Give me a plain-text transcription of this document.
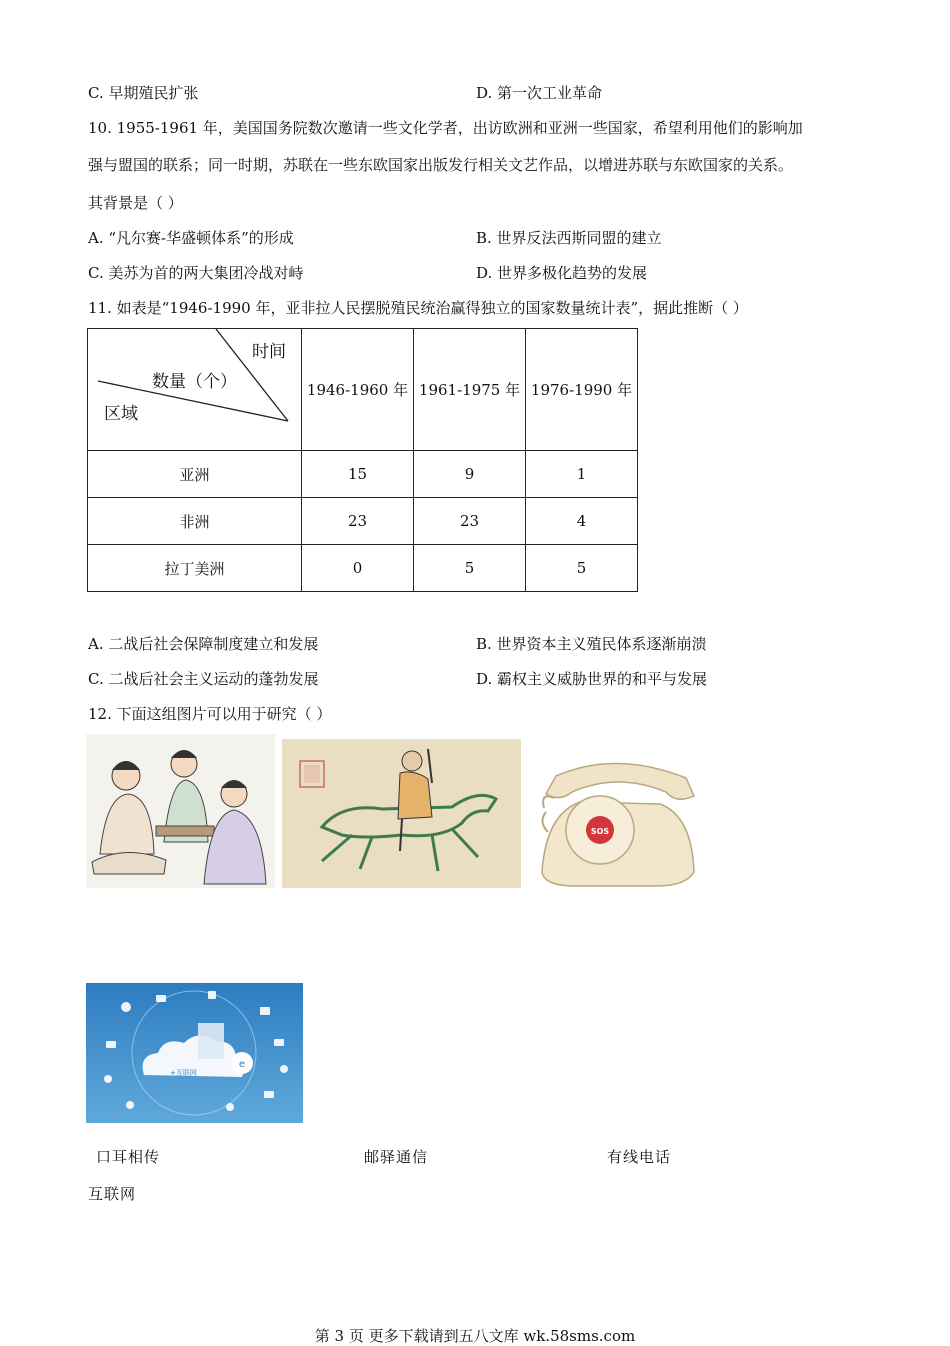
C. 早期殖民扩张	D. 第一次工业革命
10. 1955-1961 年，美国国务院数次邀请一些文化学者，出访欧洲和亚洲一些国家，希望利用他们的影响加
强与盟国的联系；同一时期，苏联在一些东欧国家出版发行相关文艺作品，以增进苏联与东欧国家的关系。
其背景是（ ）
A. “凡尔赛-华盛顿体系”的形成	B. 世界反法西斯同盟的建立
C. 美苏为首的两大集团冷战对峙	D. 世界多极化趋势的发展
11. 如表是“1946-1990 年，亚非拉人民摆脱殖民统治赢得独立的国家数量统计表”，据此推断（ ）
时间
数量（个）
区域	1946-1960 年	1961-1975 年	1976-1990 年
亚洲	15	9	1
非洲	23	23	4
拉丁美洲	0	5	5
A. 二战后社会保障制度建立和发展	B. 世界资本主义殖民体系逐渐崩溃
C. 二战后社会主义运动的蓬勃发展	D. 霸权主义威胁世界的和平与发展
12. 下面这组图片可以用于研究（ ）
SOS
e
+互联网
口耳相传	邮驿通信	有线电话
互联网
第 3 页 更多下载请到五八文库 wk.58sms.com
